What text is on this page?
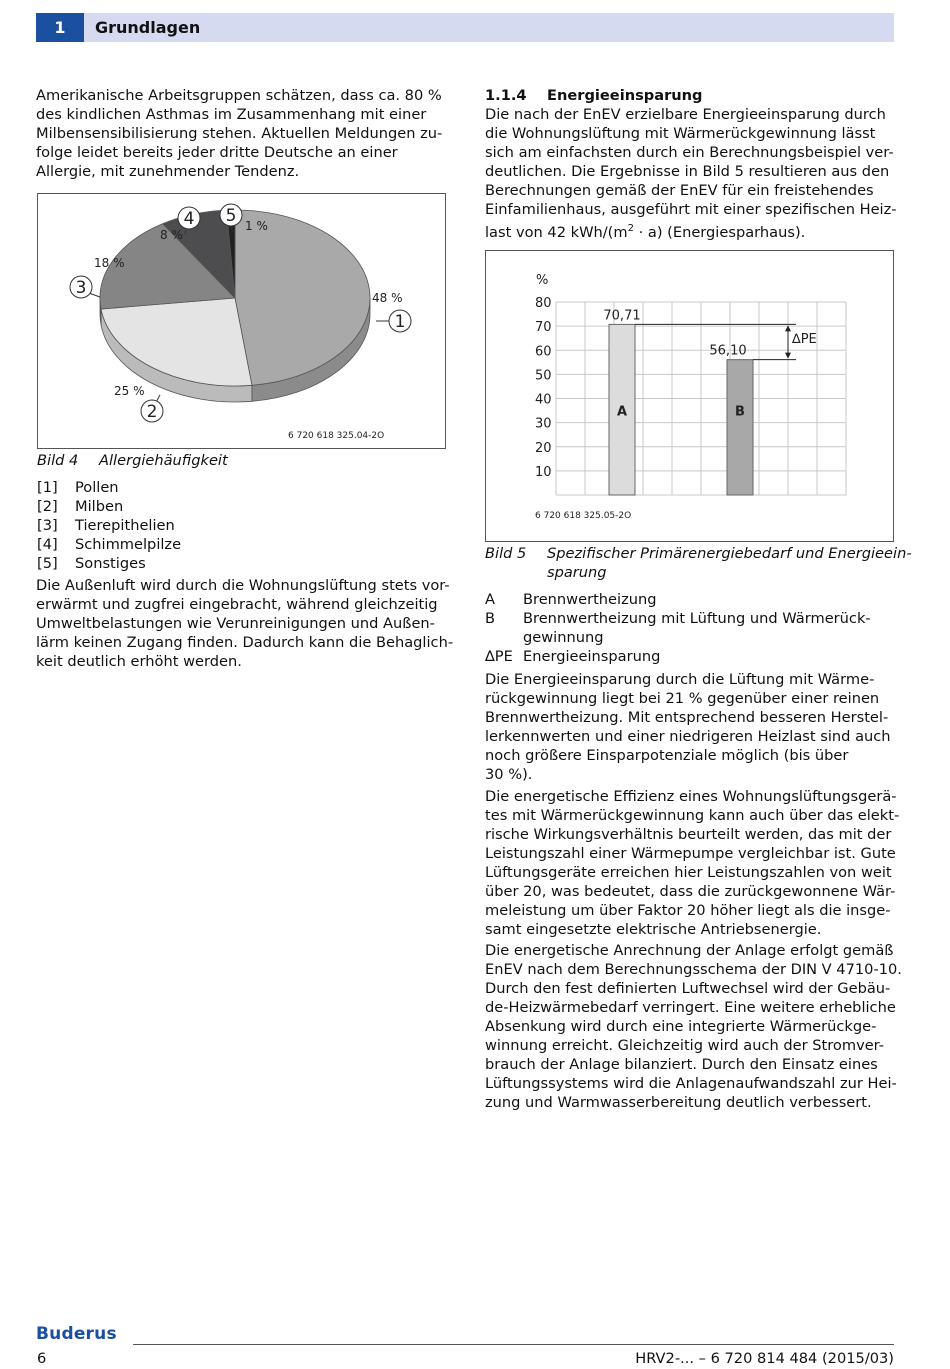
1	Grundlagen

Amerikanische Arbeitsgruppen schätzen, dass ca. 80 %

des kindlichen Asthmas im Zusammenhang mit einer

Milbensensibilisierung stehen. Aktuellen Meldungen zu-

folge leidet bereits jeder dritte Deutsche an einer

Allergie, mit zunehmender Tendenz.

48 %
25 %
18 %
8 %
1 %
1
2
3
4 5
6 720 618 325.04-2O
Bild 4 Allergiehäufigkeit
[1] Pollen
[2] Milben
[3] Tierepithelien
[4] Schimmelpilze
[5] Sonstiges

Die Außenluft wird durch die Wohnungslüftung stets vor-

erwärmt und zugfrei eingebracht, während gleichzeitig

Umweltbelastungen wie Verunreinigungen und Außen-

lärm keinen Zugang finden. Dadurch kann die Behaglich-

keit deutlich erhöht werden.

1.1.4 Energieeinsparung

Die nach der EnEV erzielbare Energieeinsparung durch

die Wohnungslüftung mit Wärmerückgewinnung lässt

sich am einfachsten durch ein Berechnungsbeispiel ver-

deutlichen. Die Ergebnisse in Bild 5 resultieren aus den

Berechnungen gemäß der EnEV für ein freistehendes

Einfamilienhaus, ausgeführt mit einer spezifischen Heiz-

last von 42 kWh/$(m^2 \cdot a)$ (Energiesparhaus).

%
80
70
60
50
40
30
20
10
A
70,71
B
56,10
∆PE
6 720 618 325.05-2O
Bild 5 Spezifischer Primärenergiebedarf und Energieein-
sparung
A Brennwertheizung
B Brennwertheizung mit Lüftung und Wärmerück-
gewinnung
∆PE Energieeinsparung

Die Energieeinsparung durch die Lüftung mit Wärme-

rückgewinnung liegt bei 21 % gegenüber einer reinen

Brennwertheizung. Mit entsprechend besseren Herstel-

lerkennwerten und einer niedrigeren Heizlast sind auch

noch größere Einsparpotenziale möglich (bis über

30 %).

Die energetische Effizienz eines Wohnungslüftungsgerä-

tes mit Wärmerückgewinnung kann auch über das elekt-

rische Wirkungsverhältnis beurteilt werden, das mit der

Leistungszahl einer Wärmepumpe vergleichbar ist. Gute

Lüftungsgeräte erreichen hier Leistungszahlen von weit

über 20, was bedeutet, dass die zurückgewonnene Wär-

meleistung um über Faktor 20 höher liegt als die insge-

samt eingesetzte elektrische Antriebsenergie.

Die energetische Anrechnung der Anlage erfolgt gemäß

EnEV nach dem Berechnungsschema der DIN V 4710-10.

Durch den fest definierten Luftwechsel wird der Gebäu-

de-Heizwärmebedarf verringert. Eine weitere erhebliche

Absenkung wird durch eine integrierte Wärmerückge-

winnung erreicht. Gleichzeitig wird auch der Stromver-

brauch der Anlage bilanziert. Durch den Einsatz eines

Lüftungssystems wird die Anlagenaufwandszahl zur Hei-

zung und Warmwasserbereitung deutlich verbessert.

Buderus
6	HRV2-... – 6 720 814 484 (2015/03)
